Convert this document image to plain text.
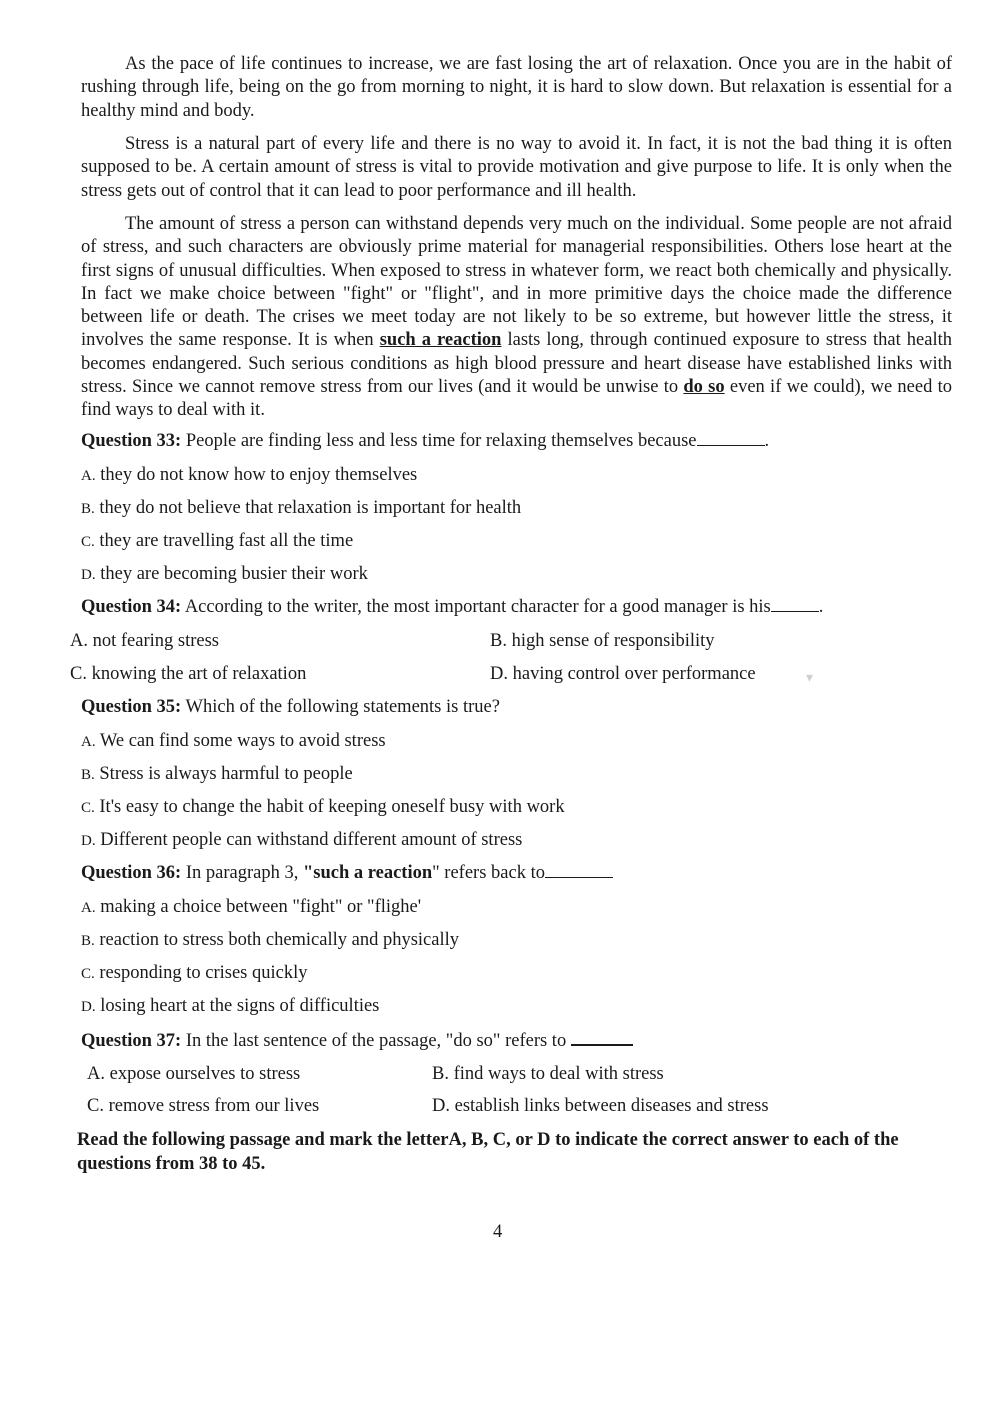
As the pace of life continues to increase, we are fast losing the art of relaxation. Once you are in the habit of rushing through life, being on the go from morning to night, it is hard to slow down. But relaxation is essential for a healthy mind and body.

Stress is a natural part of every life and there is no way to avoid it. In fact, it is not the bad thing it is often supposed to be. A certain amount of stress is vital to provide motivation and give purpose to life. It is only when the stress gets out of control that it can lead to poor performance and ill health.

The amount of stress a person can withstand depends very much on the individual. Some people are not afraid of stress, and such characters are obviously prime material for managerial responsibilities. Others lose heart at the first signs of unusual difficulties. When exposed to stress in whatever form, we react both chemically and physically. In fact we make choice between "fight" or "flight", and in more primitive days the choice made the difference between life or death. The crises we meet today are not likely to be so extreme, but however little the stress, it involves the same response. It is when such a reaction lasts long, through continued exposure to stress that health becomes endangered. Such serious conditions as high blood pressure and heart disease have established links with stress. Since we cannot remove stress from our lives (and it would be unwise to do so even if we could), we need to find ways to deal with it.

Question 33: People are finding less and less time for relaxing themselves because	.
A. they do not know how to enjoy themselves
B. they do not believe that relaxation is important for health
C. they are travelling fast all the time
D. they are becoming busier their work
Question 34: According to the writer, the most important character for a good manager is his	.
A. not fearing stress	B. high sense of responsibility
C. knowing the art of relaxation	D. having control over performance	▾
Question 35: Which of the following statements is true?
A. We can find some ways to avoid stress
B. Stress is always harmful to people
C. It's easy to change the habit of keeping oneself busy with work
D. Different people can withstand different amount of stress
Question 36: In paragraph 3, "such a reaction" refers back to
A. making a choice between "fight" or "flighe'
B. reaction to stress both chemically and physically
C. responding to crises quickly
D. losing heart at the signs of difficulties
Question 37: In the last sentence of the passage, "do so" refers to
A. expose ourselves to stress	B. find ways to deal with stress
C. remove stress from our lives	D. establish links between diseases and stress

Read the following passage and mark the letterA, B, C, or D to indicate the correct answer to each of the questions from 38 to 45.

4
